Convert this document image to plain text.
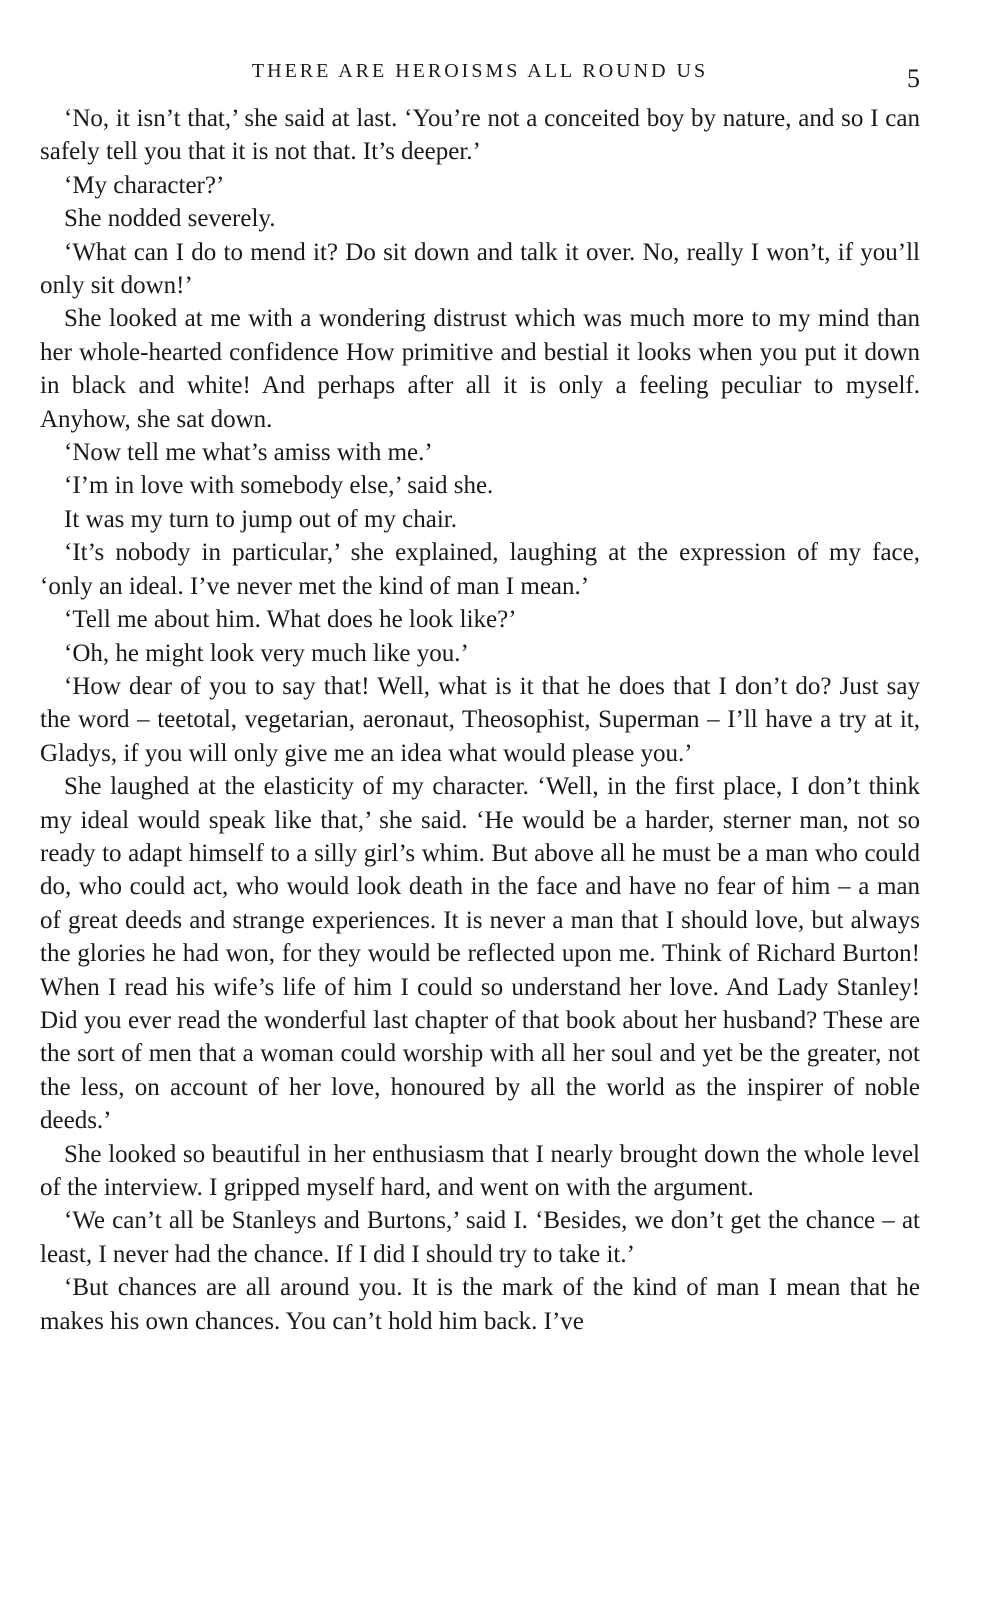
THERE ARE HEROISMS ALL ROUND US	5

‘No, it isn’t that,’ she said at last. ‘You’re not a conceited boy by nature, and so I can safely tell you that it is not that. It’s deeper.’

‘My character?’

She nodded severely.

‘What can I do to mend it? Do sit down and talk it over. No, really I won’t, if you’ll only sit down!’

She looked at me with a wondering distrust which was much more to my mind than her whole-hearted confidence How primitive and bestial it looks when you put it down in black and white! And perhaps after all it is only a feeling peculiar to myself. Anyhow, she sat down.

‘Now tell me what’s amiss with me.’

‘I’m in love with somebody else,’ said she.

It was my turn to jump out of my chair.

‘It’s nobody in particular,’ she explained, laughing at the expression of my face, ‘only an ideal. I’ve never met the kind of man I mean.’

‘Tell me about him. What does he look like?’

‘Oh, he might look very much like you.’

‘How dear of you to say that! Well, what is it that he does that I don’t do? Just say the word – teetotal, vegetarian, aeronaut, Theosophist, Superman – I’ll have a try at it, Gladys, if you will only give me an idea what would please you.’

She laughed at the elasticity of my character. ‘Well, in the first place, I don’t think my ideal would speak like that,’ she said. ‘He would be a harder, sterner man, not so ready to adapt himself to a silly girl’s whim. But above all he must be a man who could do, who could act, who would look death in the face and have no fear of him – a man of great deeds and strange experiences. It is never a man that I should love, but always the glories he had won, for they would be reflected upon me. Think of Richard Burton! When I read his wife’s life of him I could so understand her love. And Lady Stanley! Did you ever read the wonderful last chapter of that book about her husband? These are the sort of men that a woman could worship with all her soul and yet be the greater, not the less, on account of her love, honoured by all the world as the inspirer of noble deeds.’

She looked so beautiful in her enthusiasm that I nearly brought down the whole level of the interview. I gripped myself hard, and went on with the argument.

‘We can’t all be Stanleys and Burtons,’ said I. ‘Besides, we don’t get the chance – at least, I never had the chance. If I did I should try to take it.’

‘But chances are all around you. It is the mark of the kind of man I mean that he makes his own chances. You can’t hold him back. I’ve
